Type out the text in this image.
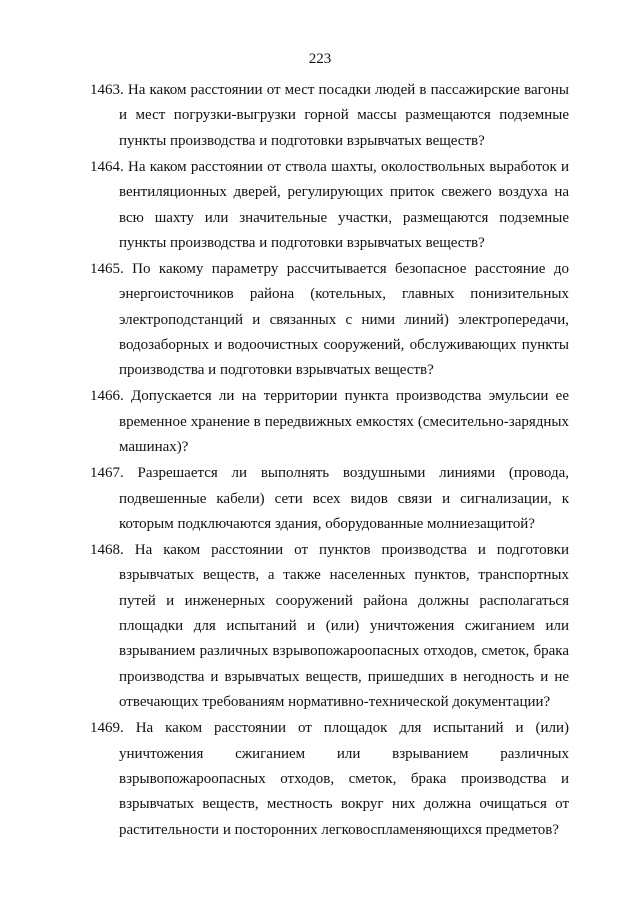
223
1463. На каком расстоянии от мест посадки людей в пассажирские вагоны и мест погрузки-выгрузки горной массы размещаются подземные пункты производства и подготовки взрывчатых веществ?
1464. На каком расстоянии от ствола шахты, околоствольных выработок и вентиляционных дверей, регулирующих приток свежего воздуха на всю шахту или значительные участки, размещаются подземные пункты производства и подготовки взрывчатых веществ?
1465. По какому параметру рассчитывается безопасное расстояние до энергоисточников района (котельных, главных понизительных электроподстанций и связанных с ними линий) электропередачи, водозаборных и водоочистных сооружений, обслуживающих пункты производства и подготовки взрывчатых веществ?
1466. Допускается ли на территории пункта производства эмульсии ее временное хранение в передвижных емкостях (смесительно-зарядных машинах)?
1467. Разрешается ли выполнять воздушными линиями (провода, подвешенные кабели) сети всех видов связи и сигнализации, к которым подключаются здания, оборудованные молниезащитой?
1468. На каком расстоянии от пунктов производства и подготовки взрывчатых веществ, а также населенных пунктов, транспортных путей и инженерных сооружений района должны располагаться площадки для испытаний и (или) уничтожения сжиганием или взрыванием различных взрывопожароопасных отходов, сметок, брака производства и взрывчатых веществ, пришедших в негодность и не отвечающих требованиям нормативно-технической документации?
1469. На каком расстоянии от площадок для испытаний и (или) уничтожения сжиганием или взрыванием различных взрывопожароопасных отходов, сметок, брака производства и взрывчатых веществ, местность вокруг них должна очищаться от растительности и посторонних легковоспламеняющихся предметов?
